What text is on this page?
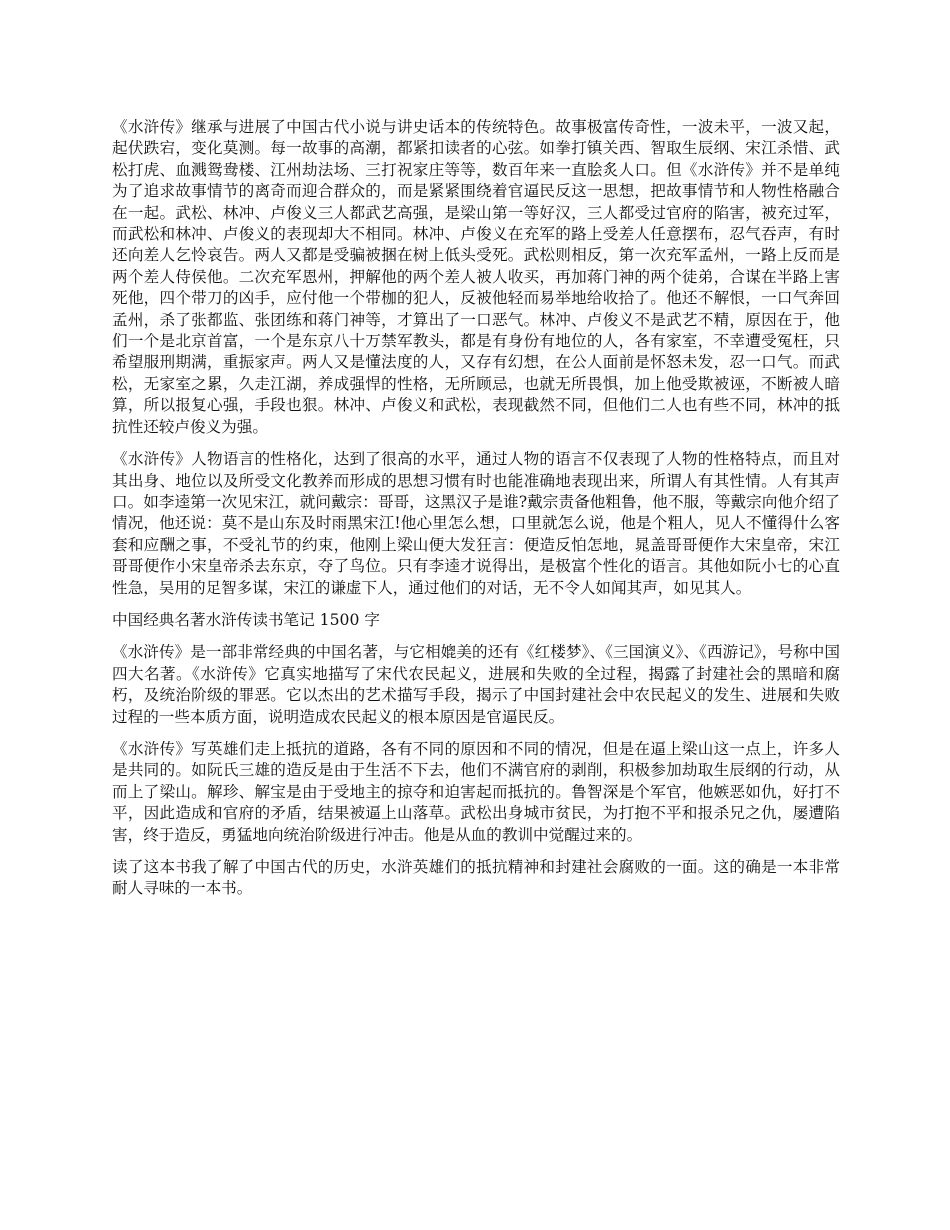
《水浒传》继承与进展了中国古代小说与讲史话本的传统特色。故事极富传奇性，一波未平，一波又起，起伏跌宕，变化莫测。每一故事的高潮，都紧扣读者的心弦。如拳打镇关西、智取生辰纲、宋江杀惜、武松打虎、血溅鸳鸯楼、江州劫法场、三打祝家庄等等，数百年来一直脍炙人口。但《水浒传》并不是单纯为了追求故事情节的离奇而迎合群众的，而是紧紧围绕着官逼民反这一思想，把故事情节和人物性格融合在一起。武松、林冲、卢俊义三人都武艺高强，是梁山第一等好汉，三人都受过官府的陷害，被充过军，而武松和林冲、卢俊义的表现却大不相同。林冲、卢俊义在充军的路上受差人任意摆布，忍气吞声，有时还向差人乞怜哀告。两人又都是受骗被捆在树上低头受死。武松则相反，第一次充军孟州，一路上反而是两个差人侍侯他。二次充军恩州，押解他的两个差人被人收买，再加蒋门神的两个徒弟，合谋在半路上害死他，四个带刀的凶手，应付他一个带枷的犯人，反被他轻而易举地给收拾了。他还不解恨，一口气奔回孟州，杀了张都监、张团练和蒋门神等，才算出了一口恶气。林冲、卢俊义不是武艺不精，原因在于，他们一个是北京首富，一个是东京八十万禁军教头，都是有身份有地位的人，各有家室，不幸遭受冤枉，只希望服刑期满，重振家声。两人又是懂法度的人，又存有幻想，在公人面前是怀怒未发，忍一口气。而武松，无家室之累，久走江湖，养成强悍的性格，无所顾忌，也就无所畏惧，加上他受欺被诬，不断被人暗算，所以报复心强，手段也狠。林冲、卢俊义和武松，表现截然不同，但他们二人也有些不同，林冲的抵抗性还较卢俊义为强。

《水浒传》人物语言的性格化，达到了很高的水平，通过人物的语言不仅表现了人物的性格特点，而且对其出身、地位以及所受文化教养而形成的思想习惯有时也能准确地表现出来，所谓人有其性情。人有其声口。如李逵第一次见宋江，就问戴宗：哥哥，这黑汉子是谁?戴宗责备他粗鲁，他不服，等戴宗向他介绍了情况，他还说：莫不是山东及时雨黑宋江!他心里怎么想，口里就怎么说，他是个粗人，见人不懂得什么客套和应酬之事，不受礼节的约束，他刚上梁山便大发狂言：便造反怕怎地，晁盖哥哥便作大宋皇帝，宋江哥哥便作小宋皇帝杀去东京，夺了鸟位。只有李逵才说得出，是极富个性化的语言。其他如阮小七的心直性急，吴用的足智多谋，宋江的谦虚下人，通过他们的对话，无不令人如闻其声，如见其人。

中国经典名著水浒传读书笔记 1500 字

《水浒传》是一部非常经典的中国名著，与它相媲美的还有《红楼梦》、《三国演义》、《西游记》，号称中国四大名著。《水浒传》它真实地描写了宋代农民起义，进展和失败的全过程，揭露了封建社会的黑暗和腐朽，及统治阶级的罪恶。它以杰出的艺术描写手段，揭示了中国封建社会中农民起义的发生、进展和失败过程的一些本质方面，说明造成农民起义的根本原因是官逼民反。

《水浒传》写英雄们走上抵抗的道路，各有不同的原因和不同的情况，但是在逼上梁山这一点上，许多人是共同的。如阮氏三雄的造反是由于生活不下去，他们不满官府的剥削，积极参加劫取生辰纲的行动，从而上了梁山。解珍、解宝是由于受地主的掠夺和迫害起而抵抗的。鲁智深是个军官，他嫉恶如仇，好打不平，因此造成和官府的矛盾，结果被逼上山落草。武松出身城市贫民，为打抱不平和报杀兄之仇，屡遭陷害，终于造反，勇猛地向统治阶级进行冲击。他是从血的教训中觉醒过来的。

读了这本书我了解了中国古代的历史，水浒英雄们的抵抗精神和封建社会腐败的一面。这的确是一本非常耐人寻味的一本书。
